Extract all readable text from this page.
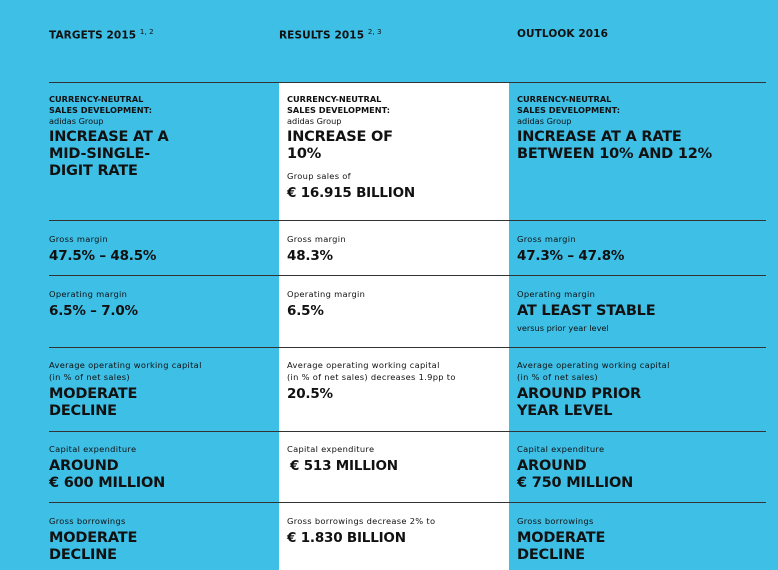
TARGETS 2015 $^{1, 2}$	RESULTS 2015 $^{2, 3}$	OUTLOOK 2016
CURRENCY-NEUTRAL
SALES DEVELOPMENT:
adidas Group
INCREASE AT A MID-SINGLE- DIGIT RATE
CURRENCY-NEUTRAL
SALES DEVELOPMENT:
adidas Group
INCREASE OF 10%
Group sales of
€ 16.915 BILLION
CURRENCY-NEUTRAL
SALES DEVELOPMENT:
adidas Group
INCREASE AT A RATE BETWEEN 10% AND 12%
Gross margin
47.5% – 48.5%
Gross margin
48.3%
Gross margin
47.3% – 47.8%
Operating margin
6.5% – 7.0%
Operating margin
6.5%
Operating margin
AT LEAST STABLE
versus prior year level
Average operating working capital
(in % of net sales)
MODERATE DECLINE
Average operating working capital
(in % of net sales) decreases 1.9pp to
20.5%
Average operating working capital
(in % of net sales)
AROUND PRIOR YEAR LEVEL
Capital expenditure
AROUND
€ 600 MILLION
Capital expenditure
€ 513 MILLION
Capital expenditure
AROUND
€ 750 MILLION
Gross borrowings
MODERATE DECLINE
Gross borrowings decrease 2% to
€ 1.830 BILLION
Gross borrowings
MODERATE DECLINE
